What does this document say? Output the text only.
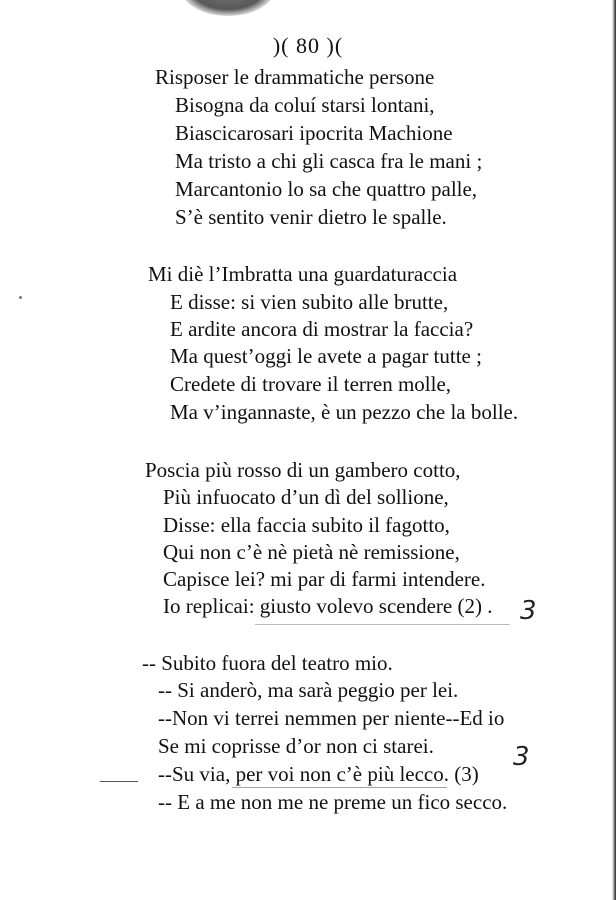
)( 80 )(
Risposer le drammatiche persone
Bisogna da coluí starsi lontani,
Biascicarosari ipocrita Machione
Ma tristo a chi gli casca fra le mani ;
Marcantonio lo sa che quattro palle,
S’è sentito venir dietro le spalle.
Mi diè l’Imbratta una guardaturaccia
E disse: si vien subito alle brutte,
E ardite ancora di mostrar la faccia?
Ma quest’oggi le avete a pagar tutte ;
Credete di trovare il terren molle,
Ma v’ingannaste, è un pezzo che la bolle.
Poscia più rosso di un gambero cotto,
Più infuocato d’un dì del sollione,
Disse: ella faccia subito il fagotto,
Qui non c’è nè pietà nè remissione,
Capisce lei? mi par di farmi intendere.
Io replicai: giusto volevo scendere (2) . 3
-- Subito fuora del teatro mio.
-- Si anderò, ma sarà peggio per lei.
--Non vi terrei nemmen per niente--Ed io
Se mi coprisse d’or non ci starei.
--Su via, per voi non c’è più lecco. (3)
-- E a me non me ne preme un fico secco.
3
